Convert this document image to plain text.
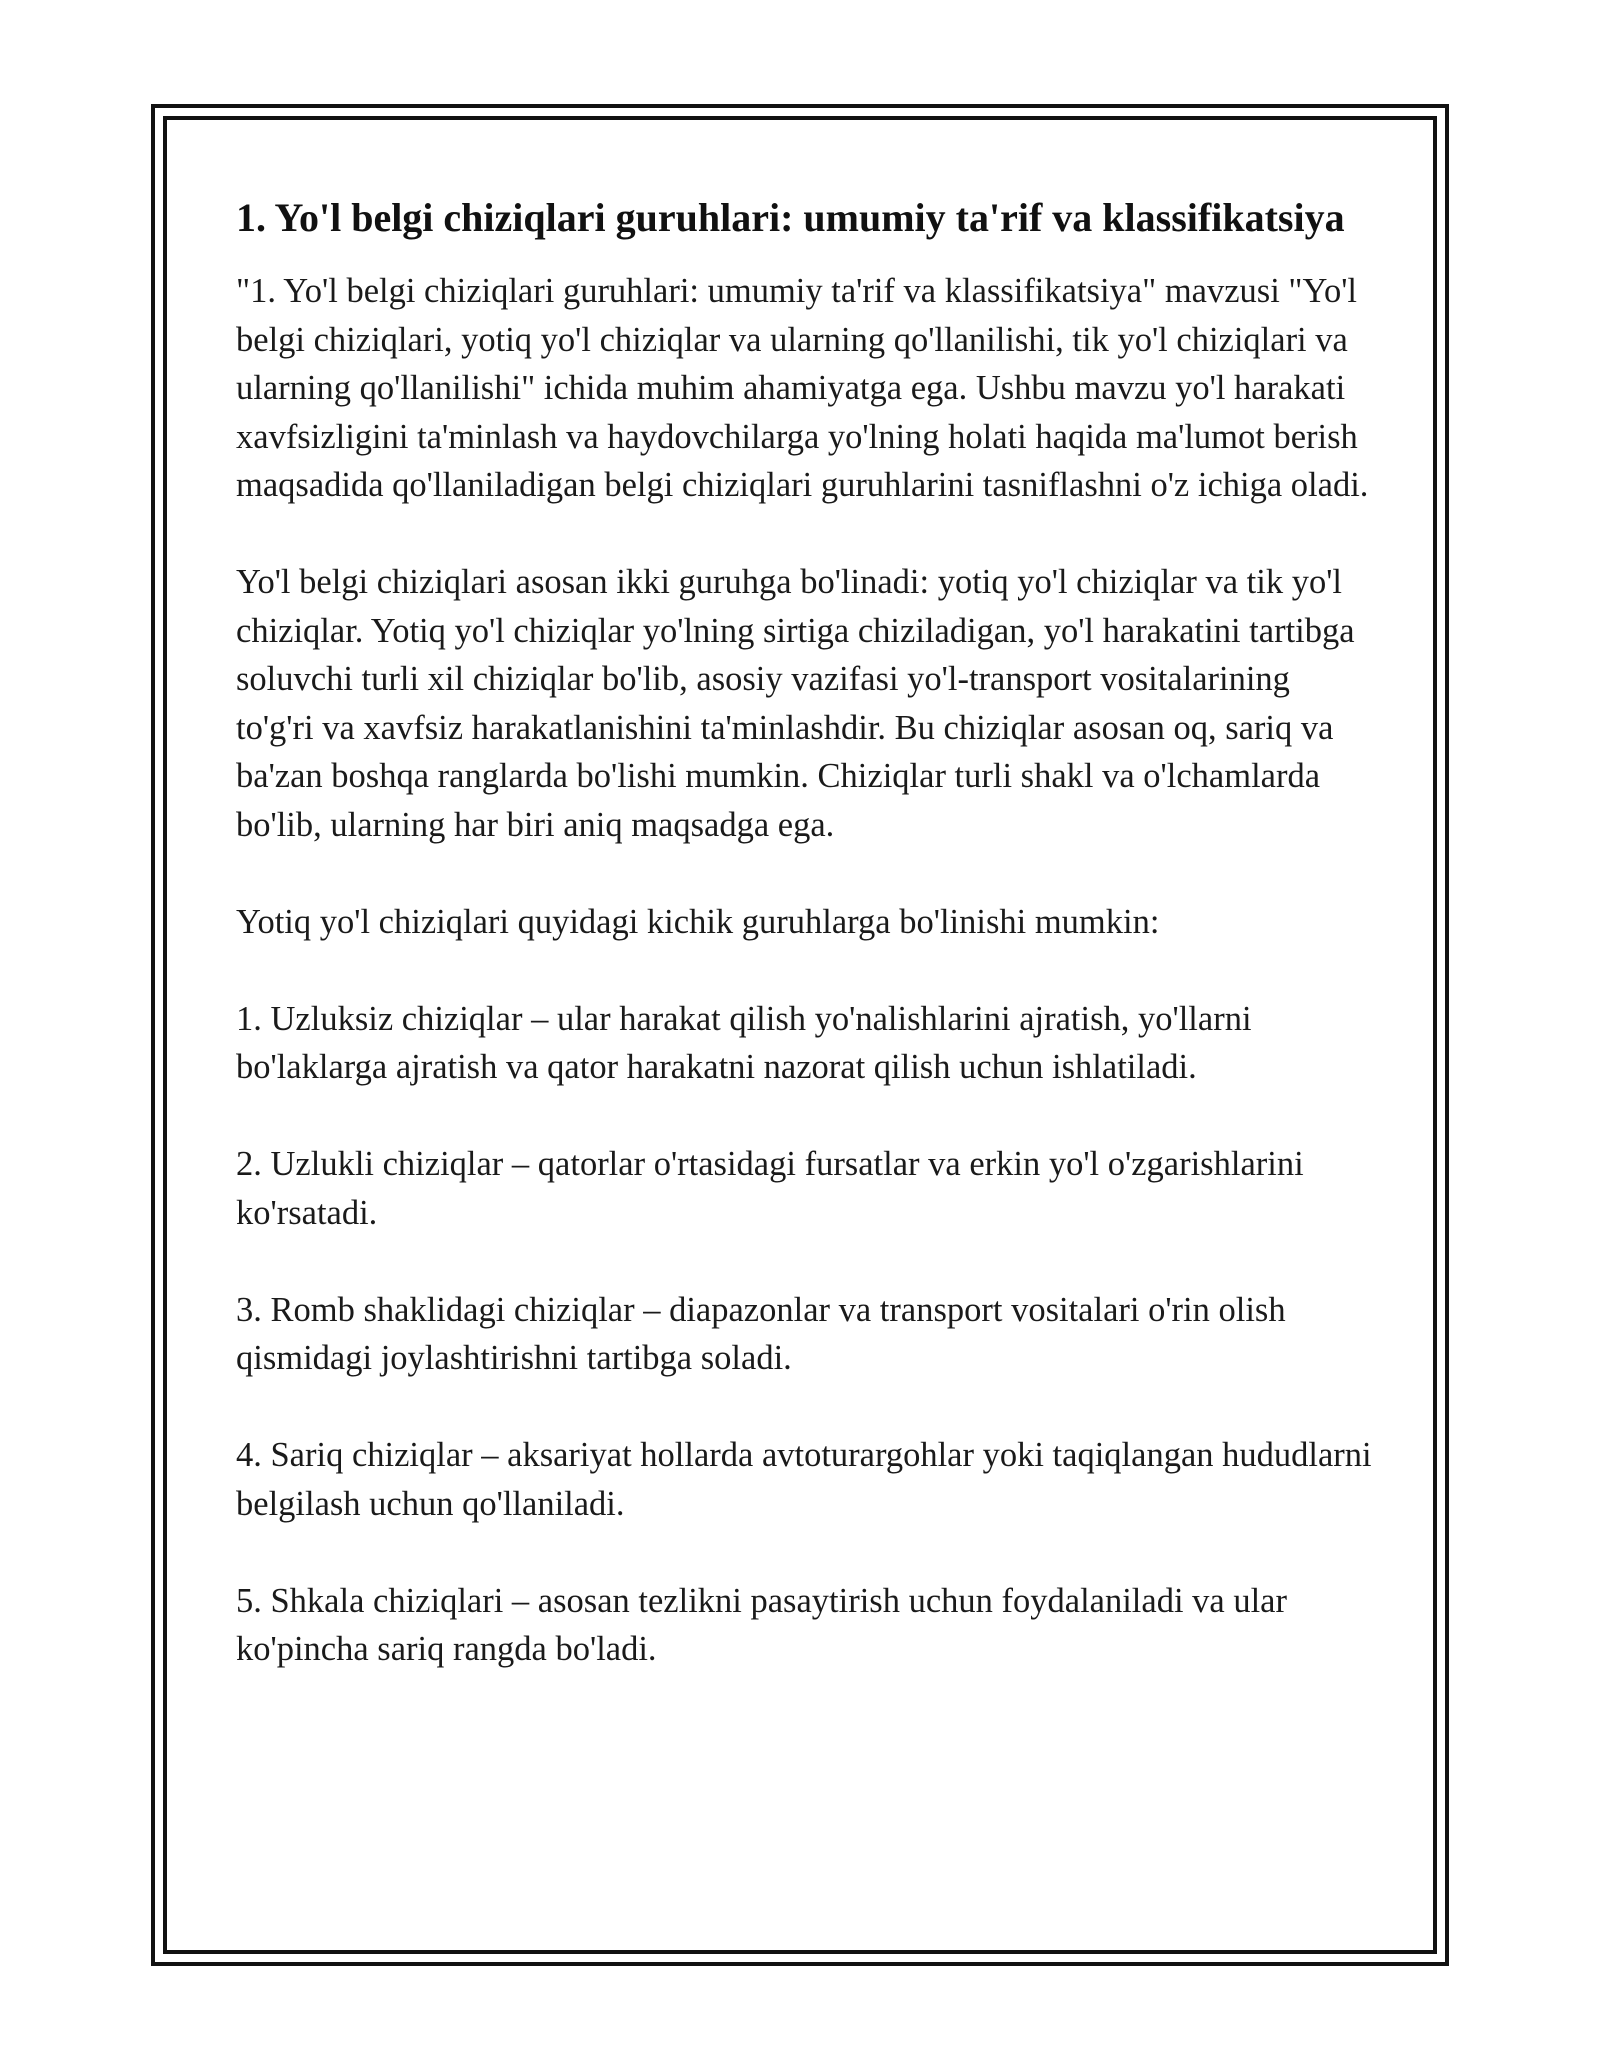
1. Yo'l belgi chiziqlari guruhlari: umumiy ta'rif va klassifikatsiya

"1. Yo'l belgi chiziqlari guruhlari: umumiy ta'rif va klassifikatsiya" mavzusi "Yo'l belgi chiziqlari, yotiq yo'l chiziqlar va ularning qo'llanilishi, tik yo'l chiziqlari va ularning qo'llanilishi" ichida muhim ahamiyatga ega. Ushbu mavzu yo'l harakati xavfsizligini ta'minlash va haydovchilarga yo'lning holati haqida ma'lumot berish maqsadida qo'llaniladigan belgi chiziqlari guruhlarini tasniflashni o'z ichiga oladi.

Yo'l belgi chiziqlari asosan ikki guruhga bo'linadi: yotiq yo'l chiziqlar va tik yo'l chiziqlar. Yotiq yo'l chiziqlar yo'lning sirtiga chiziladigan, yo'l harakatini tartibga soluvchi turli xil chiziqlar bo'lib, asosiy vazifasi yo'l-transport vositalarining to'g'ri va xavfsiz harakatlanishini ta'minlashdir. Bu chiziqlar asosan oq, sariq va ba'zan boshqa ranglarda bo'lishi mumkin. Chiziqlar turli shakl va o'lchamlarda bo'lib, ularning har biri aniq maqsadga ega.

Yotiq yo'l chiziqlari quyidagi kichik guruhlarga bo'linishi mumkin:

1. Uzluksiz chiziqlar – ular harakat qilish yo'nalishlarini ajratish, yo'llarni bo'laklarga ajratish va qator harakatni nazorat qilish uchun ishlatiladi.

2. Uzlukli chiziqlar – qatorlar o'rtasidagi fursatlar va erkin yo'l o'zgarishlarini ko'rsatadi.

3. Romb shaklidagi chiziqlar – diapazonlar va transport vositalari o'rin olish qismidagi joylashtirishni tartibga soladi.

4. Sariq chiziqlar – aksariyat hollarda avtoturargohlar yoki taqiqlangan hududlarni belgilash uchun qo'llaniladi.

5. Shkala chiziqlari – asosan tezlikni pasaytirish uchun foydalaniladi va ular ko'pincha sariq rangda bo'ladi.
